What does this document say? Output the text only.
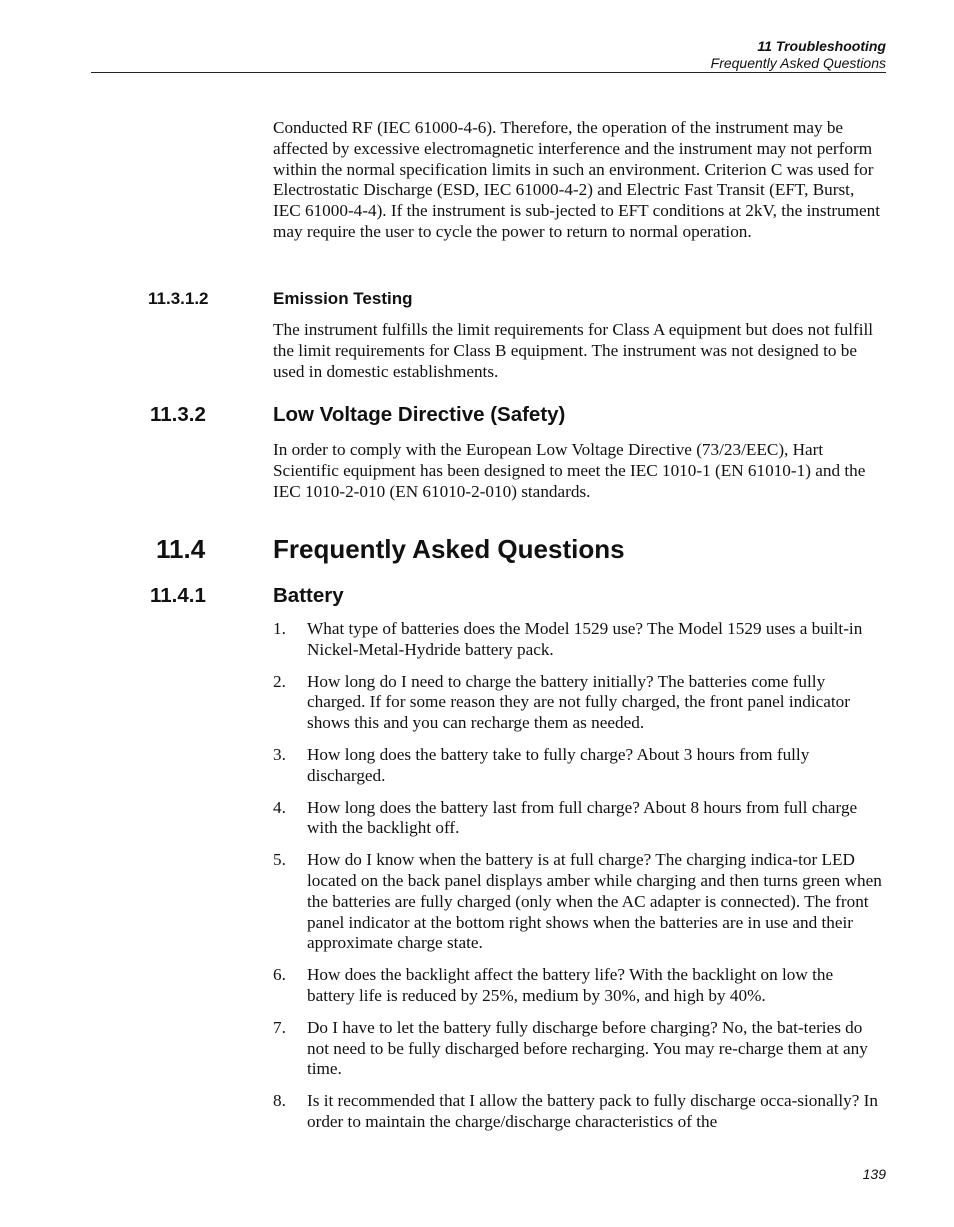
11 Troubleshooting
Frequently Asked Questions

Conducted RF (IEC 61000-4-6). Therefore, the operation of the instrument may be affected by excessive electromagnetic interference and the instrument may not perform within the normal specification limits in such an environment. Criterion C was used for Electrostatic Discharge (ESD, IEC 61000-4-2) and Electric Fast Transit (EFT, Burst, IEC 61000-4-4). If the instrument is sub-jected to EFT conditions at 2kV, the instrument may require the user to cycle the power to return to normal operation.

11.3.1.2	Emission Testing

The instrument fulfills the limit requirements for Class A equipment but does not fulfill the limit requirements for Class B equipment. The instrument was not designed to be used in domestic establishments.

11.3.2	Low Voltage Directive (Safety)

In order to comply with the European Low Voltage Directive (73/23/EEC), Hart Scientific equipment has been designed to meet the IEC 1010-1 (EN 61010-1) and the IEC 1010-2-010 (EN 61010-2-010) standards.

11.4	Frequently Asked Questions
11.4.1	Battery
1. What type of batteries does the Model 1529 use? The Model 1529 uses a built-in Nickel-Metal-Hydride battery pack.
2. How long do I need to charge the battery initially? The batteries come fully charged. If for some reason they are not fully charged, the front panel indicator shows this and you can recharge them as needed.
3. How long does the battery take to fully charge? About 3 hours from fully discharged.
4. How long does the battery last from full charge? About 8 hours from full charge with the backlight off.
5. How do I know when the battery is at full charge? The charging indica-tor LED located on the back panel displays amber while charging and then turns green when the batteries are fully charged (only when the AC adapter is connected). The front panel indicator at the bottom right shows when the batteries are in use and their approximate charge state.
6. How does the backlight affect the battery life? With the backlight on low the battery life is reduced by 25%, medium by 30%, and high by 40%.
7. Do I have to let the battery fully discharge before charging? No, the bat-teries do not need to be fully discharged before recharging. You may re-charge them at any time.
8. Is it recommended that I allow the battery pack to fully discharge occa-sionally? In order to maintain the charge/discharge characteristics of the
139
